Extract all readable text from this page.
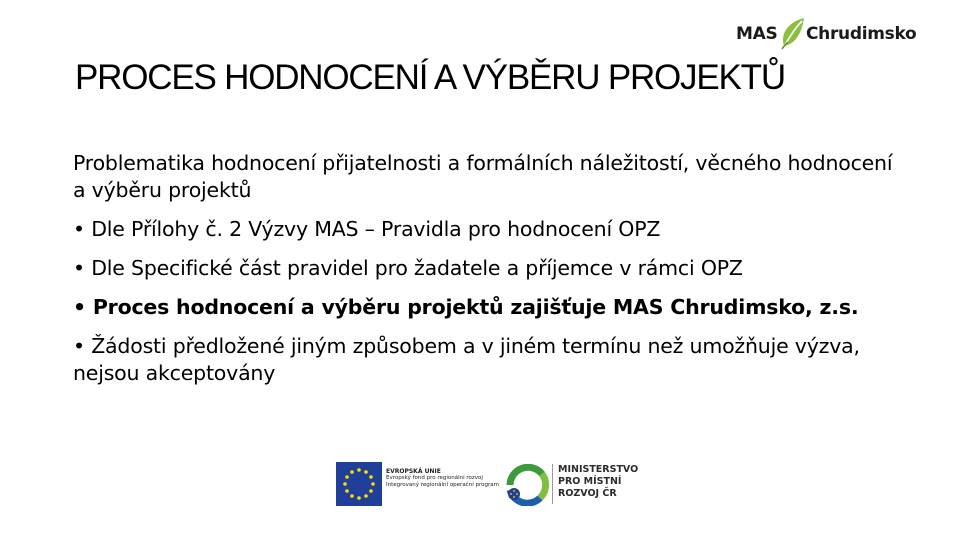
MAS Chrudimsko
PROCES HODNOCENÍ A VÝBĚRU PROJEKTŮ

Problematika hodnocení přijatelnosti a formálních náležitostí, věcného hodnocení a výběru projektů

• Dle Přílohy č. 2 Výzvy MAS – Pravidla pro hodnocení OPZ

• Dle Specifické část pravidel pro žadatele a příjemce v rámci OPZ

• Proces hodnocení a výběru projektů zajišťuje MAS Chrudimsko, z.s.

• Žádosti předložené jiným způsobem a v jiném termínu než umožňuje výzva, nejsou akceptovány

EVROPSKÁ UNIE
Evropský fond pro regionální rozvoj
Integrovaný regionální operační program
MINISTERSTVO
PRO MÍSTNÍ
ROZVOJ ČR
